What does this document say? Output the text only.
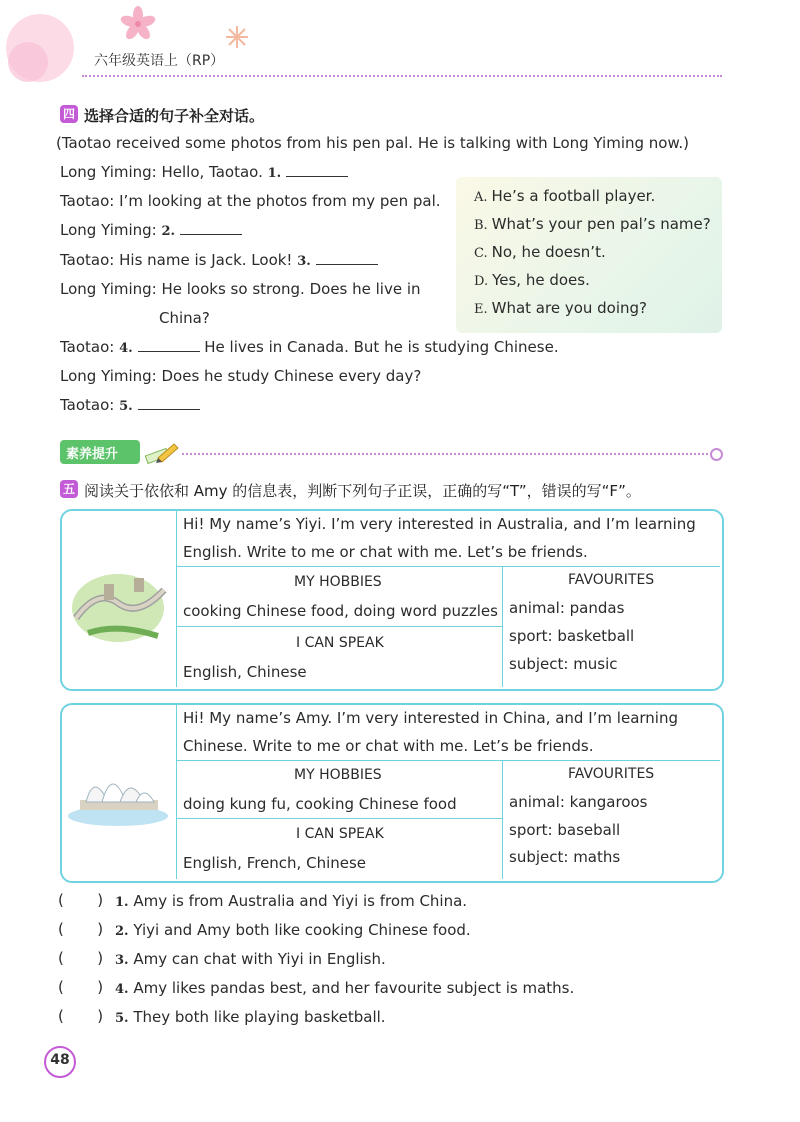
六年级英语上（RP）
四 选择合适的句子补全对话。
(Taotao received some photos from his pen pal. He is talking with Long Yiming now.)
Long Yiming: Hello, Taotao. 1.
Taotao: I’m looking at the photos from my pen pal.
Long Yiming: 2.
Taotao: His name is Jack. Look! 3.
Long Yiming: He looks so strong. Does he live in
China?
Taotao: 4.	He lives in Canada. But he is studying Chinese.
Long Yiming: Does he study Chinese every day?
Taotao: 5.
A. He’s a football player.
B. What’s your pen pal’s name?
C. No, he doesn’t.
D. Yes, he does.
E. What are you doing?
素养提升
五 阅读关于依依和 Amy 的信息表，判断下列句子正误，正确的写“T”，错误的写“F”。
Hi! My name’s Yiyi. I’m very interested in Australia, and I’m learning
English. Write to me or chat with me. Let’s be friends.
MY HOBBIES
cooking Chinese food, doing word puzzles
I CAN SPEAK
English, Chinese
FAVOURITES
animal: pandas
sport: basketball
subject: music
Hi! My name’s Amy. I’m very interested in China, and I’m learning
Chinese. Write to me or chat with me. Let’s be friends.
MY HOBBIES
doing kung fu, cooking Chinese food
I CAN SPEAK
English, French, Chinese
FAVOURITES
animal: kangaroos
sport: baseball
subject: maths
(       ) 1. Amy is from Australia and Yiyi is from China.
(       ) 2. Yiyi and Amy both like cooking Chinese food.
(       ) 3. Amy can chat with Yiyi in English.
(       ) 4. Amy likes pandas best, and her favourite subject is maths.
(       ) 5. They both like playing basketball.
48
